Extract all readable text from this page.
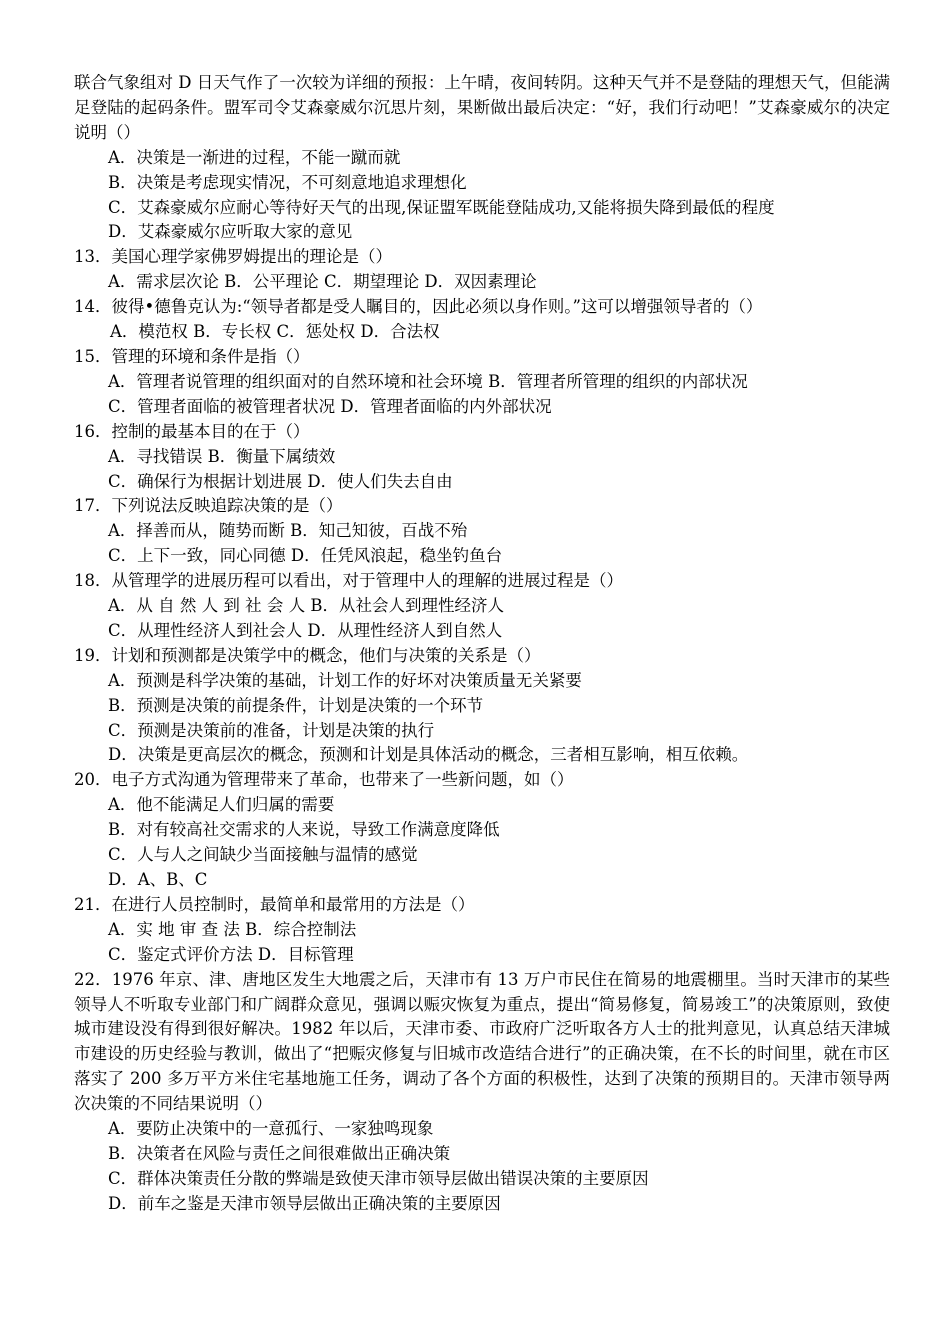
联合气象组对 D 日天气作了一次较为详细的预报：上午晴，夜间转阴。这种天气并不是登陆的理想天气，但能满足登陆的起码条件。盟军司令艾森豪威尔沉思片刻，果断做出最后决定：“好，我们行动吧！”艾森豪威尔的决定说明（）

A．决策是一渐进的过程，不能一蹴而就

B．决策是考虑现实情况，不可刻意地追求理想化

C．艾森豪威尔应耐心等待好天气的出现,保证盟军既能登陆成功,又能将损失降到最低的程度

D．艾森豪威尔应听取大家的意见

13．美国心理学家佛罗姆提出的理论是（）

A．需求层次论 B．公平理论 C．期望理论 D．双因素理论

14．彼得•德鲁克认为:“领导者都是受人瞩目的，因此必须以身作则。”这可以增强领导者的（）

A．模范权 B．专长权 C．惩处权 D．合法权

15．管理的环境和条件是指（）

A．管理者说管理的组织面对的自然环境和社会环境 B．管理者所管理的组织的内部状况

C．管理者面临的被管理者状况 D．管理者面临的内外部状况

16．控制的最基本目的在于（）

A．寻找错误 B．衡量下属绩效

C．确保行为根据计划进展 D．使人们失去自由

17．下列说法反映追踪决策的是（）

A．择善而从，随势而断 B．知己知彼，百战不殆

C．上下一致，同心同德 D．任凭风浪起，稳坐钓鱼台

18．从管理学的进展历程可以看出，对于管理中人的理解的进展过程是（）

A．从 自 然 人 到 社 会 人 B．从社会人到理性经济人

C．从理性经济人到社会人 D．从理性经济人到自然人

19．计划和预测都是决策学中的概念，他们与决策的关系是（）

A．预测是科学决策的基础，计划工作的好坏对决策质量无关紧要

B．预测是决策的前提条件，计划是决策的一个环节

C．预测是决策前的准备，计划是决策的执行

D．决策是更高层次的概念，预测和计划是具体活动的概念，三者相互影响，相互依赖。

20．电子方式沟通为管理带来了革命，也带来了一些新问题，如（）

A．他不能满足人们归属的需要

B．对有较高社交需求的人来说，导致工作满意度降低

C．人与人之间缺少当面接触与温情的感觉

D．A、B、C

21．在进行人员控制时，最简单和最常用的方法是（）

A．实 地 审 查 法 B．综合控制法

C．鉴定式评价方法 D．目标管理

22．1976 年京、津、唐地区发生大地震之后，天津市有 13 万户市民住在简易的地震棚里。当时天津市的某些领导人不听取专业部门和广阔群众意见，强调以赈灾恢复为重点，提出“简易修复，简易竣工”的决策原则，致使城市建设没有得到很好解决。1982 年以后，天津市委、市政府广泛听取各方人士的批判意见，认真总结天津城市建设的历史经验与教训，做出了“把赈灾修复与旧城市改造结合进行”的正确决策，在不长的时间里，就在市区落实了 200 多万平方米住宅基地施工任务，调动了各个方面的积极性，达到了决策的预期目的。天津市领导两次决策的不同结果说明（）

A．要防止决策中的一意孤行、一家独鸣现象

B．决策者在风险与责任之间很难做出正确决策

C．群体决策责任分散的弊端是致使天津市领导层做出错误决策的主要原因

D．前车之鉴是天津市领导层做出正确决策的主要原因
